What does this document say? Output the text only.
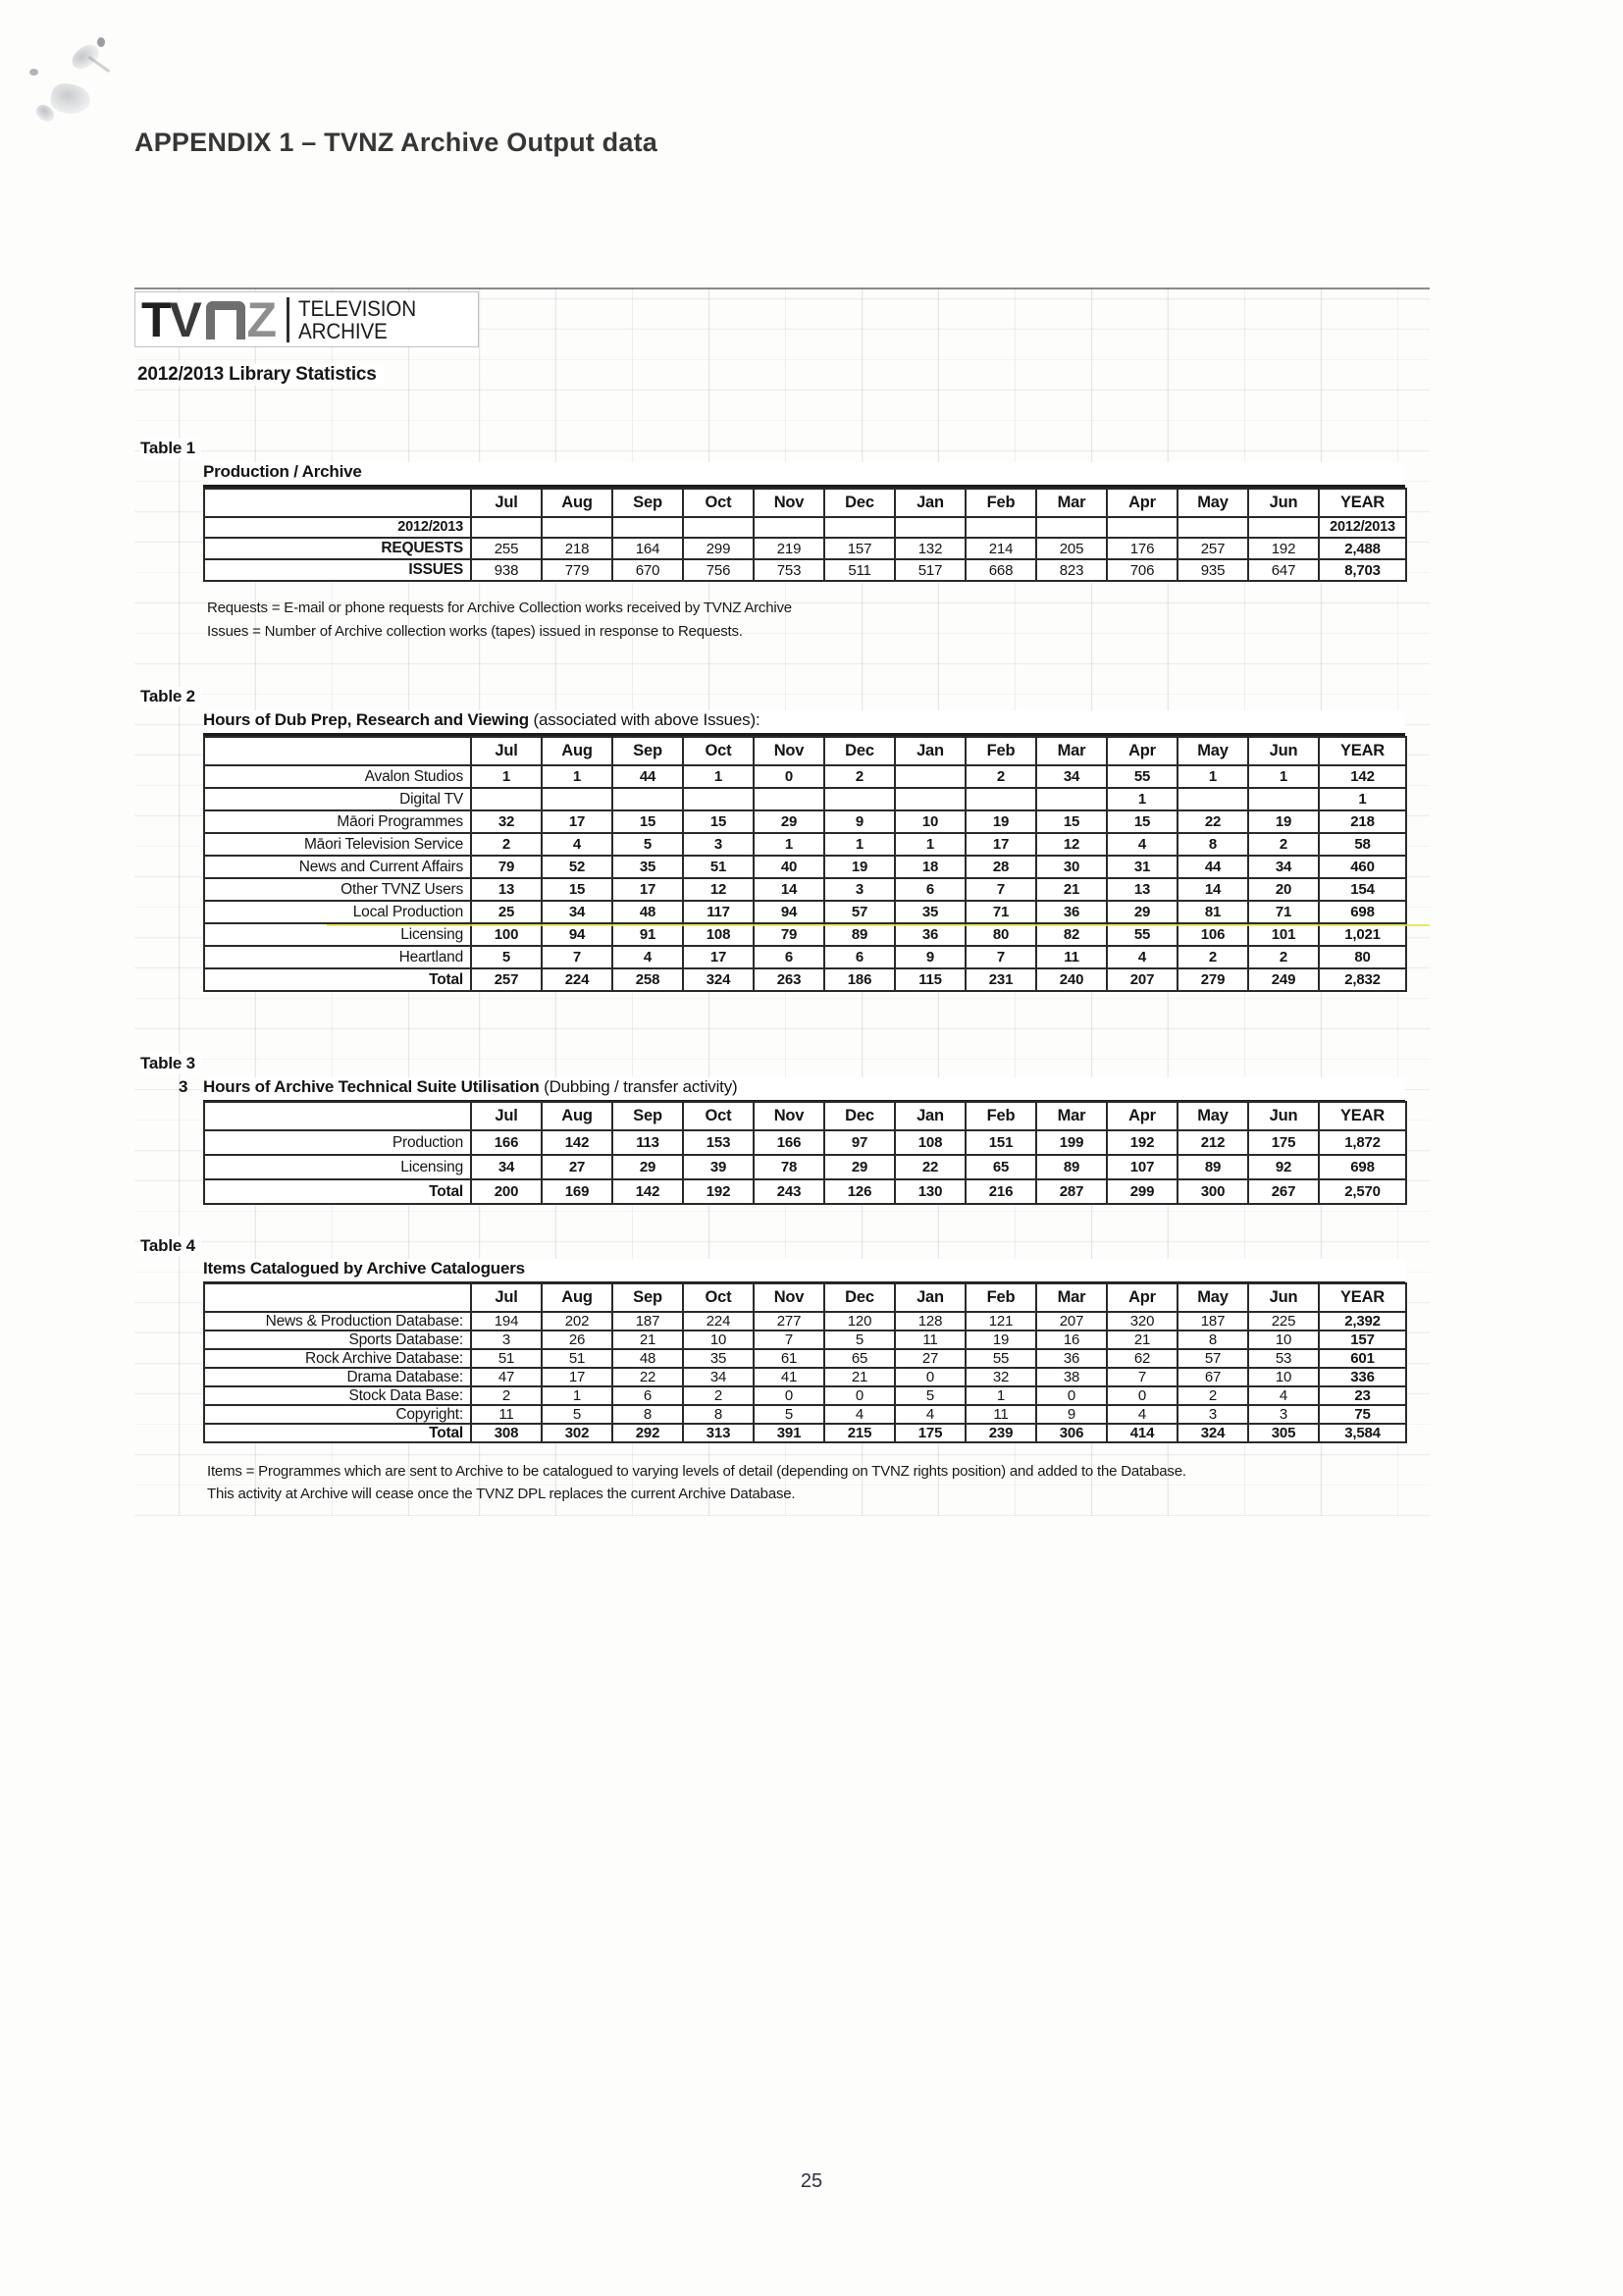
APPENDIX 1 – TVNZ Archive Output data
T
V Z TELEVISION
ARCHIVE
2012/2013 Library Statistics
Table 1
Production / Archive
	Jul	Aug	Sep	Oct	Nov	Dec	Jan	Feb	Mar	Apr	May	Jun	YEAR
2012/2013													2012/2013
REQUESTS	255	218	164	299	219	157	132	214	205	176	257	192	2,488
ISSUES	938	779	670	756	753	511	517	668	823	706	935	647	8,703
Requests = E-mail or phone requests for Archive Collection works received by TVNZ Archive
Issues = Number of Archive collection works (tapes) issued in response to Requests.
Table 2
Hours of Dub Prep, Research and Viewing (associated with above Issues):
	Jul	Aug	Sep	Oct	Nov	Dec	Jan	Feb	Mar	Apr	May	Jun	YEAR
Avalon Studios	1	1	44	1	0	2		2	34	55	1	1	142
Digital TV										1			1
Māori Programmes	32	17	15	15	29	9	10	19	15	15	22	19	218
Māori Television Service	2	4	5	3	1	1	1	17	12	4	8	2	58
News and Current Affairs	79	52	35	51	40	19	18	28	30	31	44	34	460
Other TVNZ Users	13	15	17	12	14	3	6	7	21	13	14	20	154
Local Production	25	34	48	117	94	57	35	71	36	29	81	71	698
Licensing	100	94	91	108	79	89	36	80	82	55	106	101	1,021
Heartland	5	7	4	17	6	6	9	7	11	4	2	2	80
Total	257	224	258	324	263	186	115	231	240	207	279	249	2,832
Table 3
3 Hours of Archive Technical Suite Utilisation (Dubbing / transfer activity)
	Jul	Aug	Sep	Oct	Nov	Dec	Jan	Feb	Mar	Apr	May	Jun	YEAR
Production	166	142	113	153	166	97	108	151	199	192	212	175	1,872
Licensing	34	27	29	39	78	29	22	65	89	107	89	92	698
Total	200	169	142	192	243	126	130	216	287	299	300	267	2,570
Table 4
Items Catalogued by Archive Cataloguers
	Jul	Aug	Sep	Oct	Nov	Dec	Jan	Feb	Mar	Apr	May	Jun	YEAR
News & Production Database:	194	202	187	224	277	120	128	121	207	320	187	225	2,392
Sports Database:	3	26	21	10	7	5	11	19	16	21	8	10	157
Rock Archive Database:	51	51	48	35	61	65	27	55	36	62	57	53	601
Drama Database:	47	17	22	34	41	21	0	32	38	7	67	10	336
Stock Data Base:	2	1	6	2	0	0	5	1	0	0	2	4	23
Copyright:	11	5	8	8	5	4	4	11	9	4	3	3	75
Total	308	302	292	313	391	215	175	239	306	414	324	305	3,584
Items = Programmes which are sent to Archive to be catalogued to varying levels of detail (depending on TVNZ rights position) and added to the Database.
This activity at Archive will cease once the TVNZ DPL replaces the current Archive Database.
25
